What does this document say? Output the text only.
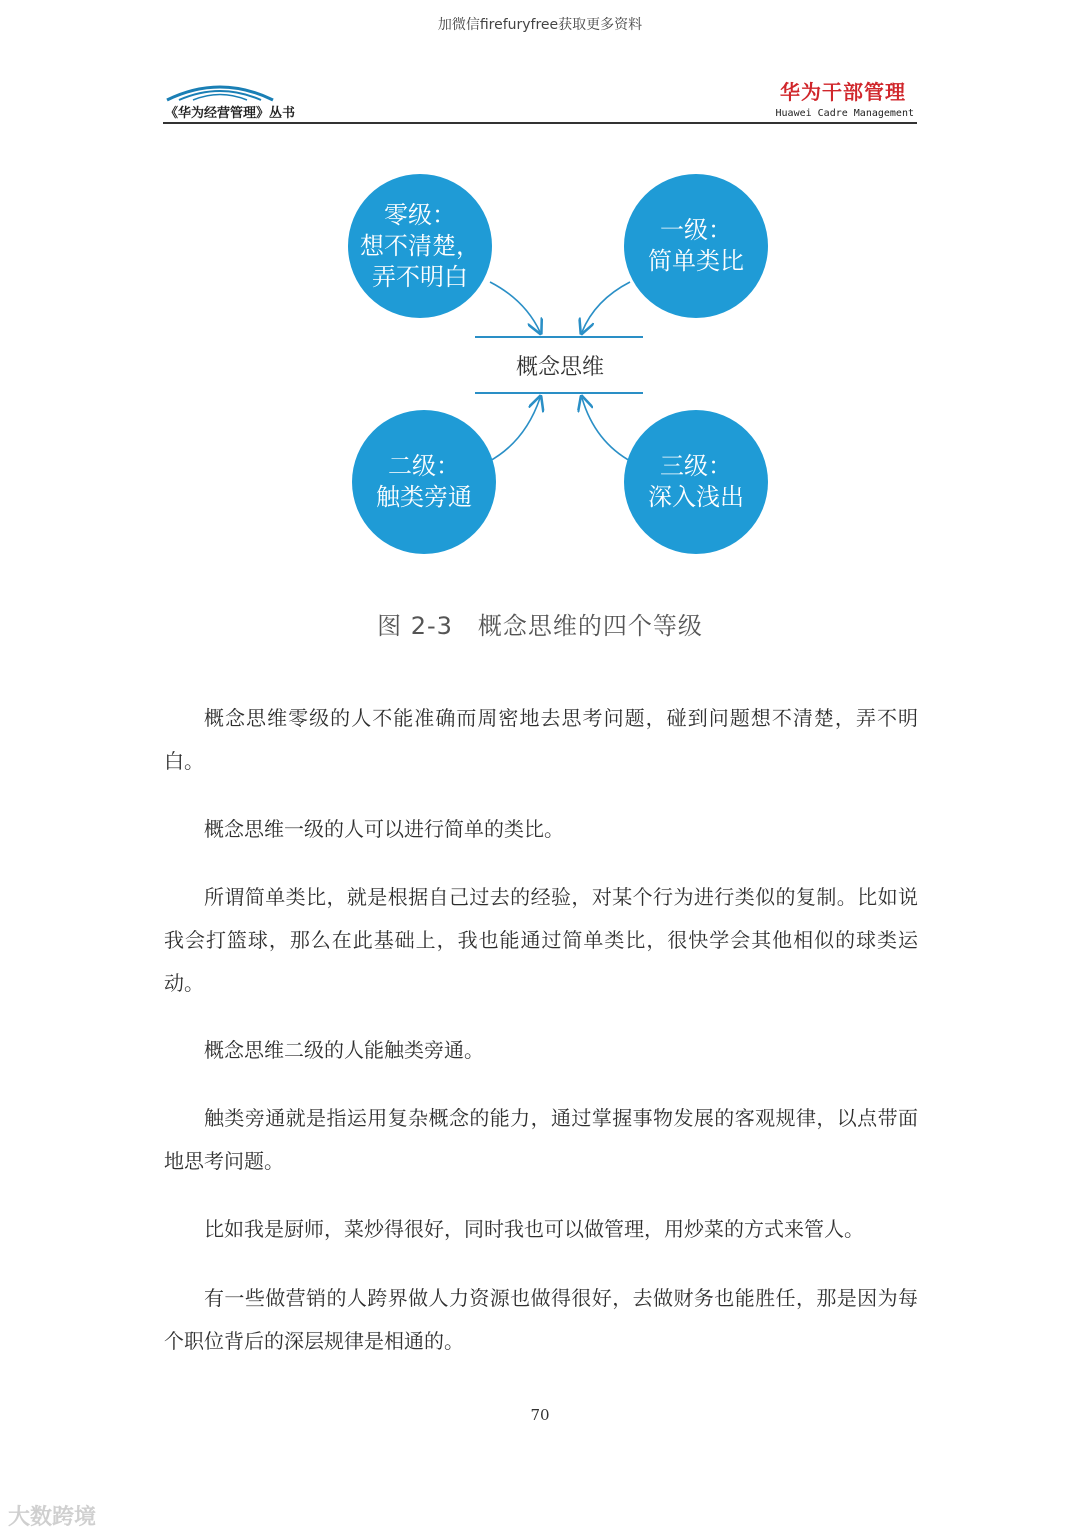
加微信firefuryfree获取更多资料
《华为经营管理》丛书
华为干部管理
Huawei Cadre Management
零级：
想不清楚，
弄不明白
一级：
简单类比
二级：
触类旁通
三级：
深入浅出
概念思维
图 2-3　概念思维的四个等级

概念思维零级的人不能准确而周密地去思考问题，碰到问题想不清楚，弄不明白。

概念思维一级的人可以进行简单的类比。

所谓简单类比，就是根据自己过去的经验，对某个行为进行类似的复制。比如说我会打篮球，那么在此基础上，我也能通过简单类比，很快学会其他相似的球类运动。

概念思维二级的人能触类旁通。

触类旁通就是指运用复杂概念的能力，通过掌握事物发展的客观规律，以点带面地思考问题。

比如我是厨师，菜炒得很好，同时我也可以做管理，用炒菜的方式来管人。

有一些做营销的人跨界做人力资源也做得很好，去做财务也能胜任，那是因为每个职位背后的深层规律是相通的。

70
大数跨境
